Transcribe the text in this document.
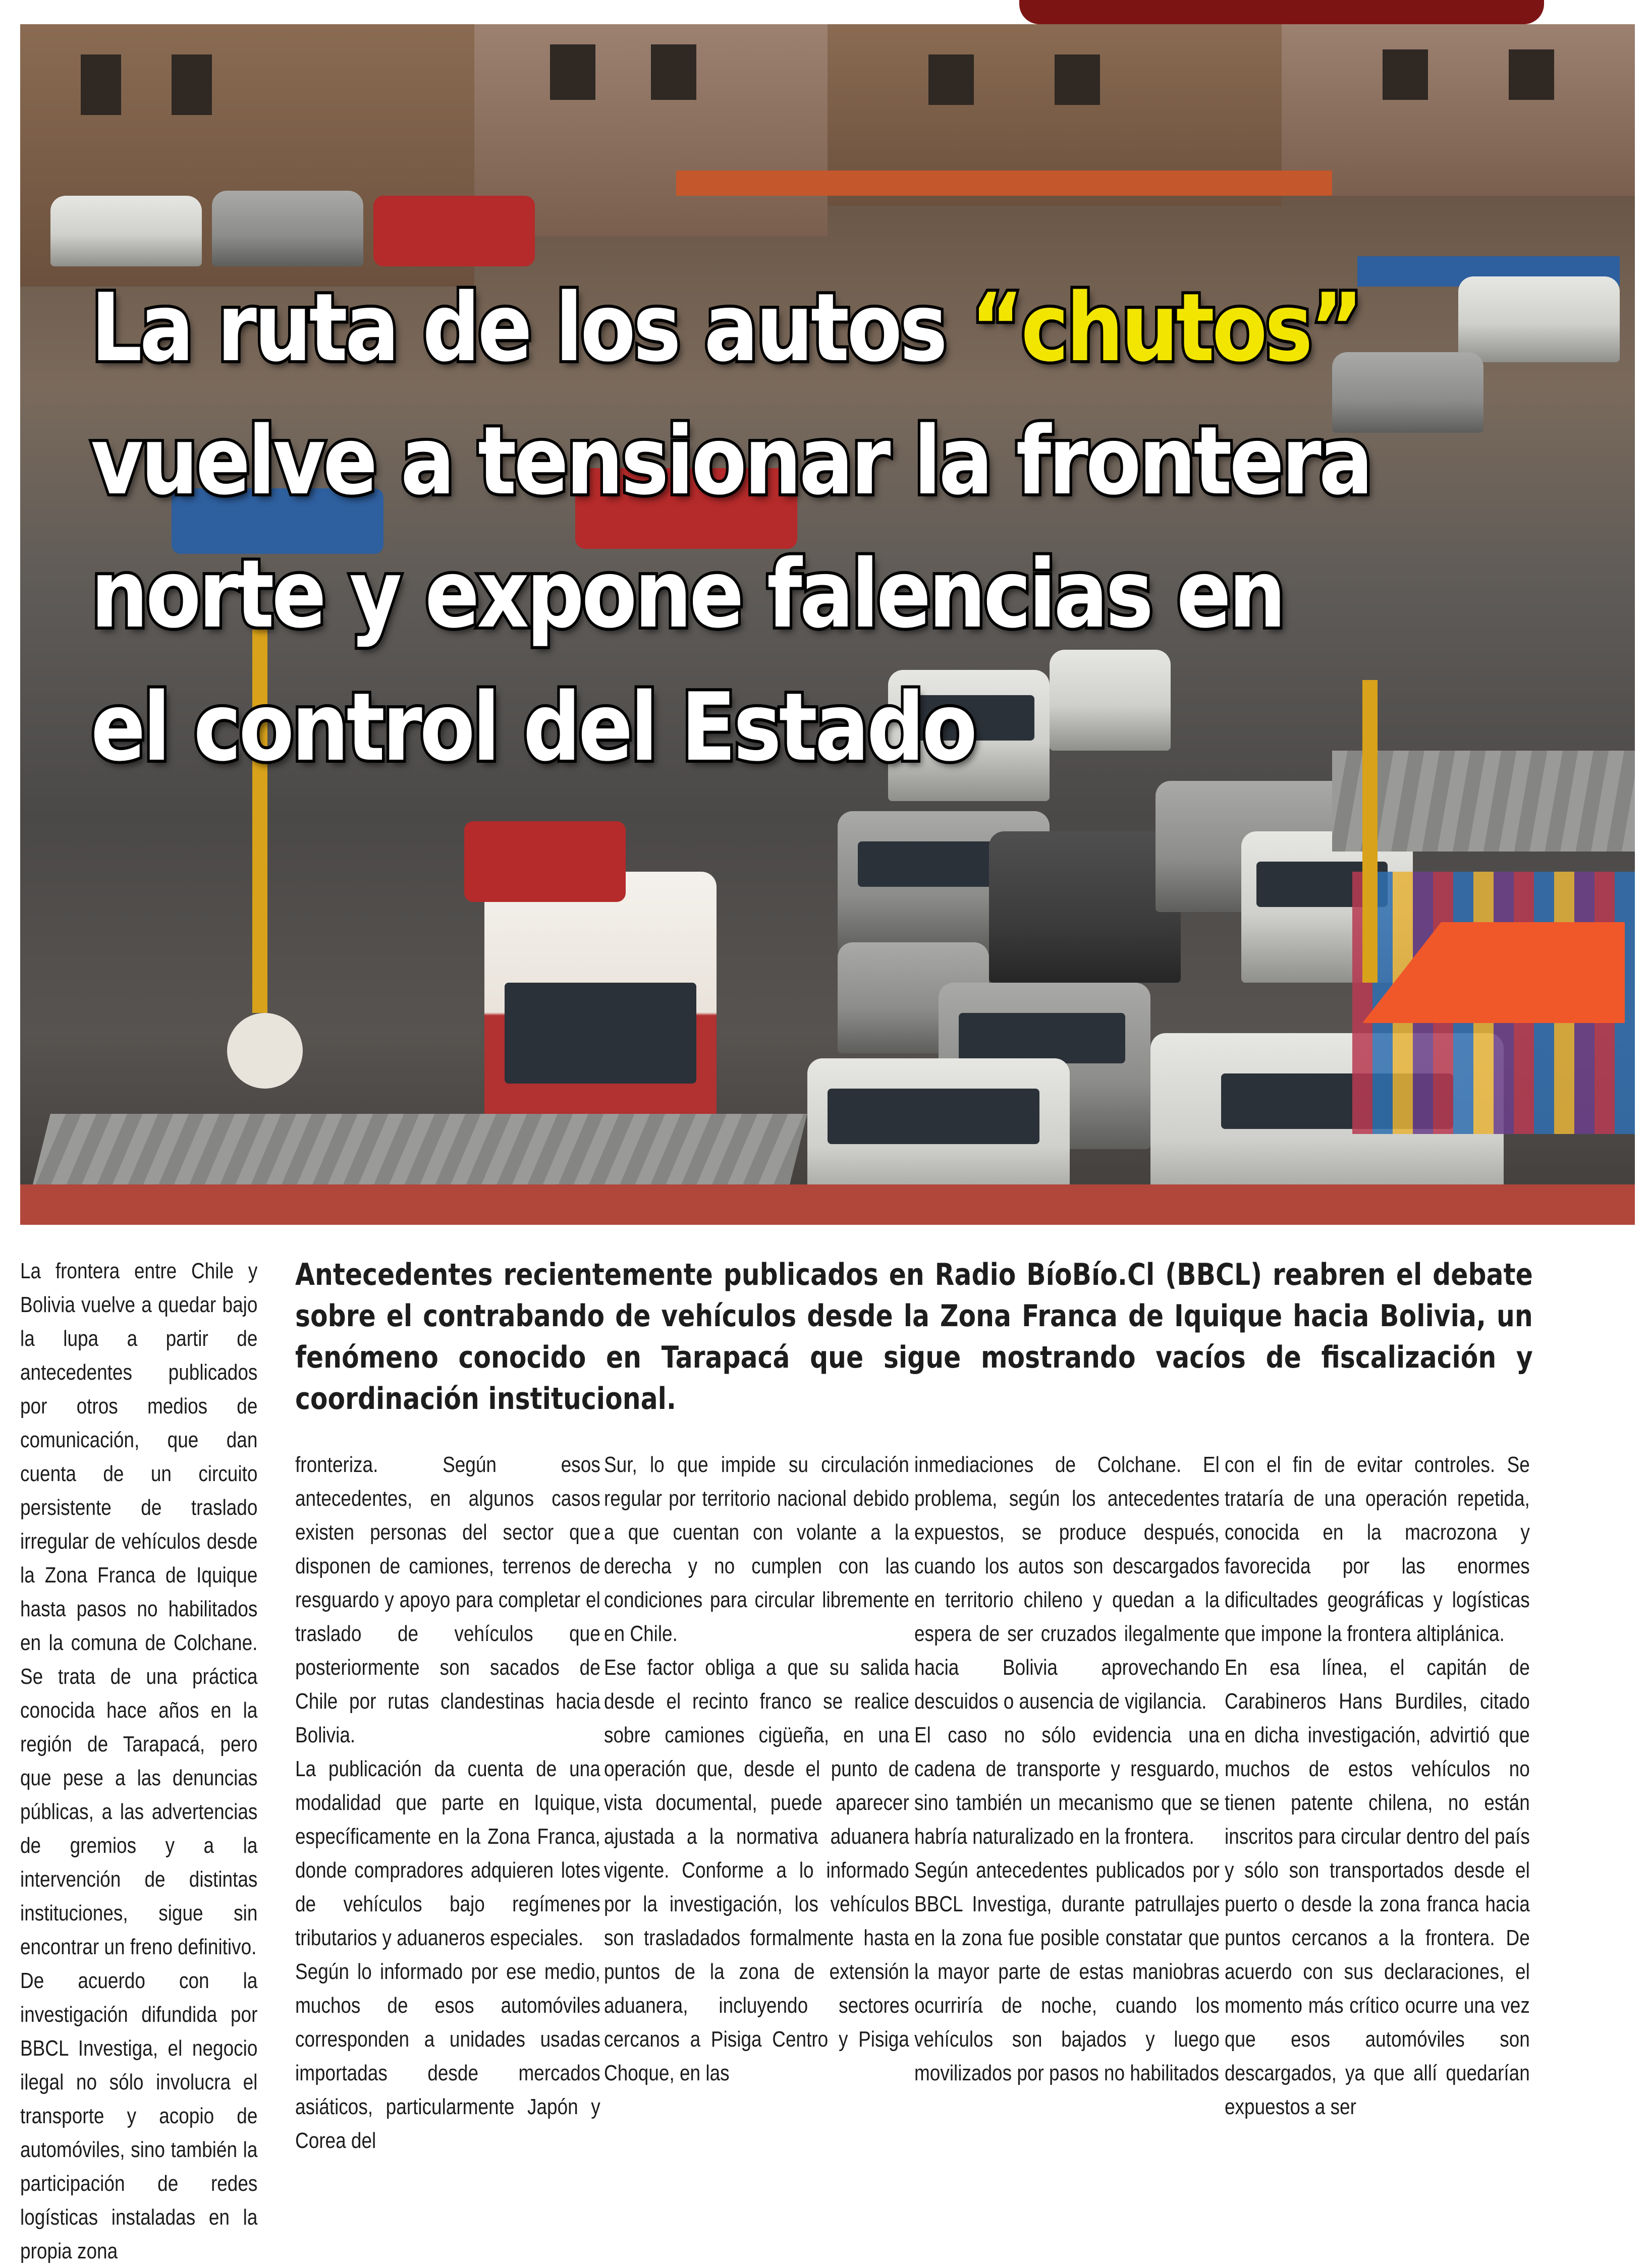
La ruta de los autos “chutos” vuelve a tensionar la frontera norte y expone falencias en el control del Estado

La frontera entre Chile y Bolivia vuelve a quedar bajo la lupa a partir de antecedentes publicados por otros medios de comunicación, que dan cuenta de un circuito persistente de traslado irregular de vehículos desde la Zona Franca de Iquique hasta pasos no habilitados en la comuna de Colchane. Se trata de una práctica conocida hace años en la región de Tarapacá, pero que pese a las denuncias públicas, a las advertencias de gremios y a la intervención de distintas instituciones, sigue sin encontrar un freno definitivo.

De acuerdo con la investigación difundida por BBCL Investiga, el negocio ilegal no sólo involucra el transporte y acopio de automóviles, sino también la participación de redes logísticas instaladas en la propia zona

Antecedentes recientemente publicados en Radio BíoBío.Cl (BBCL) reabren el debate sobre el contrabando de vehículos desde la Zona Franca de Iquique hacia Bolivia, un fenómeno conocido en Tarapacá que sigue mostrando vacíos de fiscalización y coordinación institucional.

fronteriza. Según esos antecedentes, en algunos casos existen personas del sector que disponen de camiones, terrenos de resguardo y apoyo para completar el traslado de vehículos que posteriormente son sacados de Chile por rutas clandestinas hacia Bolivia.

La publicación da cuenta de una modalidad que parte en Iquique, específicamente en la Zona Franca, donde compradores adquieren lotes de vehículos bajo regímenes tributarios y aduaneros especiales.

Según lo informado por ese medio, muchos de esos automóviles corresponden a unidades usadas importadas desde mercados asiáticos, particularmente Japón y Corea del

Sur, lo que impide su circulación regular por territorio nacional debido a que cuentan con volante a la derecha y no cumplen con las condiciones para circular libremente en Chile.

Ese factor obliga a que su salida desde el recinto franco se realice sobre camiones cigüeña, en una operación que, desde el punto de vista documental, puede aparecer ajustada a la normativa aduanera vigente. Conforme a lo informado por la investigación, los vehículos son trasladados formalmente hasta puntos de la zona de extensión aduanera, incluyendo sectores cercanos a Pisiga Centro y Pisiga Choque, en las

inmediaciones de Colchane. El problema, según los antecedentes expuestos, se produce después, cuando los autos son descargados en territorio chileno y quedan a la espera de ser cruzados ilegalmente hacia Bolivia aprovechando descuidos o ausencia de vigilancia.

El caso no sólo evidencia una cadena de transporte y resguardo, sino también un mecanismo que se habría naturalizado en la frontera.

Según antecedentes publicados por BBCL Investiga, durante patrullajes en la zona fue posible constatar que la mayor parte de estas maniobras ocurriría de noche, cuando los vehículos son bajados y luego movilizados por pasos no habilitados

con el fin de evitar controles. Se trataría de una operación repetida, conocida en la macrozona y favorecida por las enormes dificultades geográficas y logísticas que impone la frontera altiplánica.

En esa línea, el capitán de Carabineros Hans Burdiles, citado en dicha investigación, advirtió que muchos de estos vehículos no tienen patente chilena, no están inscritos para circular dentro del país y sólo son transportados desde el puerto o desde la zona franca hacia puntos cercanos a la frontera. De acuerdo con sus declaraciones, el momento más crítico ocurre una vez que esos automóviles son descargados, ya que allí quedarían expuestos a ser
